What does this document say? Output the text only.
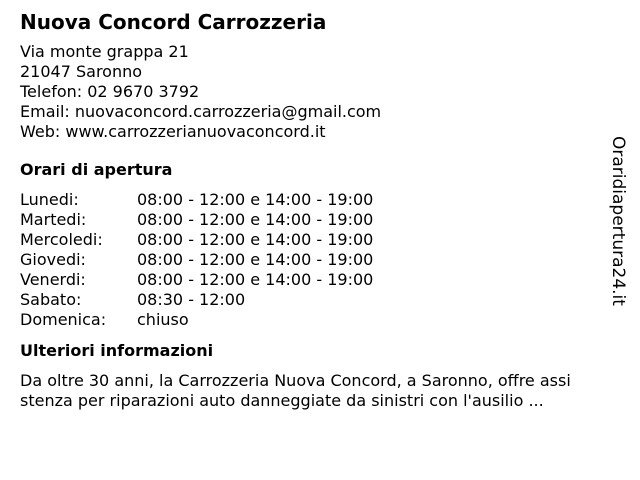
Nuova Concord Carrozzeria
Via monte grappa 21
21047 Saronno
Telefon: 02 9670 3792
Email: nuovaconcord.carrozzeria@gmail.com
Web: www.carrozzerianuovaconcord.it
Orari di apertura
Lunedi:	08:00 - 12:00 e 14:00 - 19:00
Martedi:	08:00 - 12:00 e 14:00 - 19:00
Mercoledi:	08:00 - 12:00 e 14:00 - 19:00
Giovedi:	08:00 - 12:00 e 14:00 - 19:00
Venerdi:	08:00 - 12:00 e 14:00 - 19:00
Sabato:	08:30 - 12:00
Domenica:	chiuso
Ulteriori informazioni
Da oltre 30 anni, la Carrozzeria Nuova Concord, a Saronno, offre assistenza per riparazioni auto danneggiate da sinistri con l'ausilio ...
Oraridiapertura24.it
